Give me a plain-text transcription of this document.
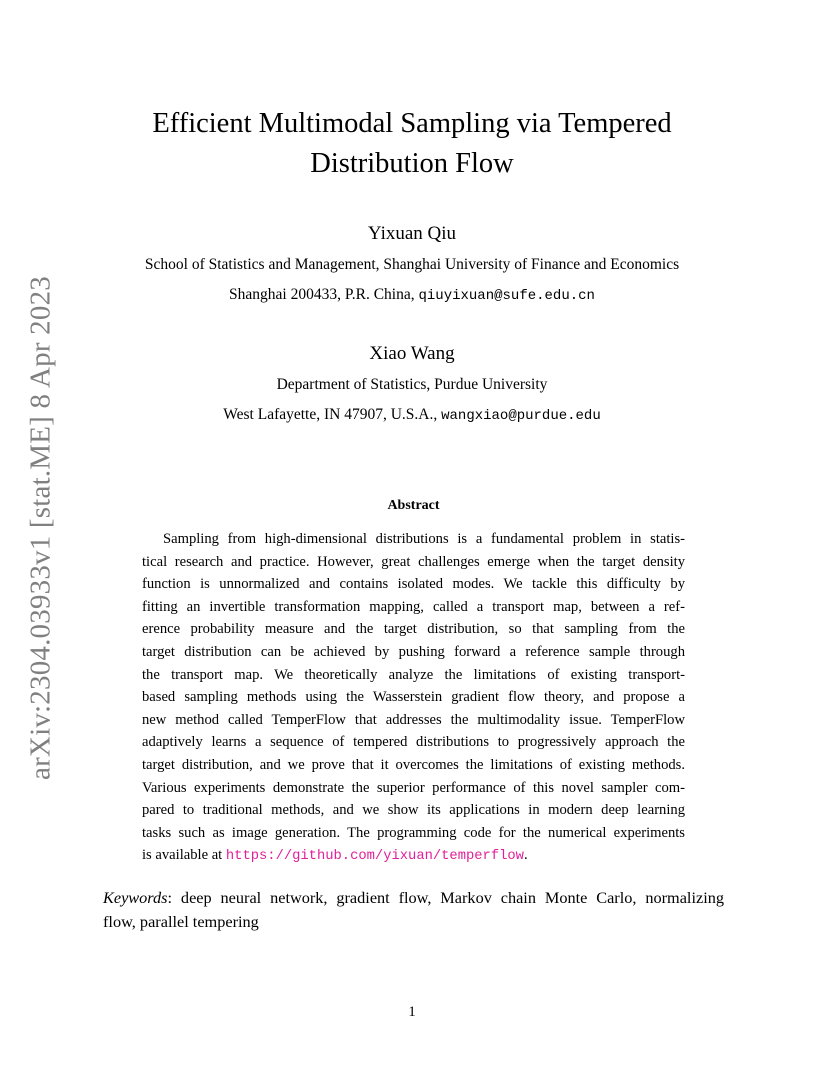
arXiv:2304.03933v1 [stat.ME] 8 Apr 2023
Efficient Multimodal Sampling via Tempered
Distribution Flow
Yixuan Qiu
School of Statistics and Management, Shanghai University of Finance and Economics
Shanghai 200433, P.R. China, qiuyixuan@sufe.edu.cn
Xiao Wang
Department of Statistics, Purdue University
West Lafayette, IN 47907, U.S.A., wangxiao@purdue.edu
Abstract
Sampling from high-dimensional distributions is a fundamental problem in statis-
tical research and practice. However, great challenges emerge when the target density
function is unnormalized and contains isolated modes. We tackle this difficulty by
fitting an invertible transformation mapping, called a transport map, between a ref-
erence probability measure and the target distribution, so that sampling from the
target distribution can be achieved by pushing forward a reference sample through
the transport map. We theoretically analyze the limitations of existing transport-
based sampling methods using the Wasserstein gradient flow theory, and propose a
new method called TemperFlow that addresses the multimodality issue. TemperFlow
adaptively learns a sequence of tempered distributions to progressively approach the
target distribution, and we prove that it overcomes the limitations of existing methods.
Various experiments demonstrate the superior performance of this novel sampler com-
pared to traditional methods, and we show its applications in modern deep learning
tasks such as image generation. The programming code for the numerical experiments
is available at https://github.com/yixuan/temperflow.
Keywords: deep neural network, gradient flow, Markov chain Monte Carlo, normalizing
flow, parallel tempering
1
